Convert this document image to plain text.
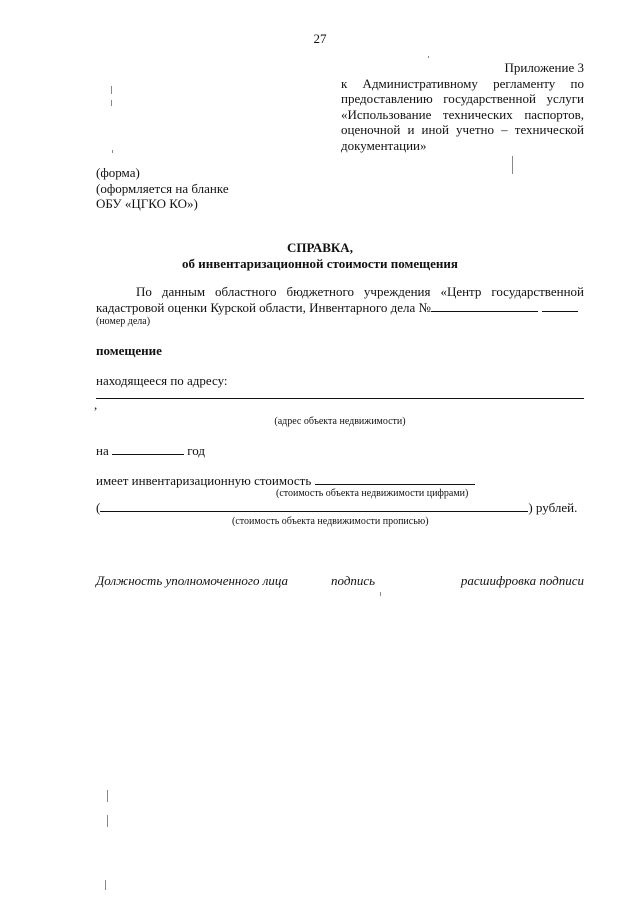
27
Приложение 3
к Административному регламенту по
предоставлению государственной услуги
«Использование технических паспортов,
оценочной и иной учетно – технической
документации»
(форма)
(оформляется на бланке
ОБУ «ЦГКО КО»)
СПРАВКА,
об инвентаризационной стоимости помещения
По данным областного бюджетного учреждения «Центр государственной
кадастровой оценки Курской области, Инвентарного дела №
(номер дела)
помещение
находящееся по адресу:
,
(адрес объекта недвижимости)
на	год
имеет инвентаризационную стоимость
(стоимость объекта недвижимости цифрами)
(	) рублей.
(стоимость объекта недвижимости прописью)
Должность уполномоченного лица	подпись	расшифровка подписи
